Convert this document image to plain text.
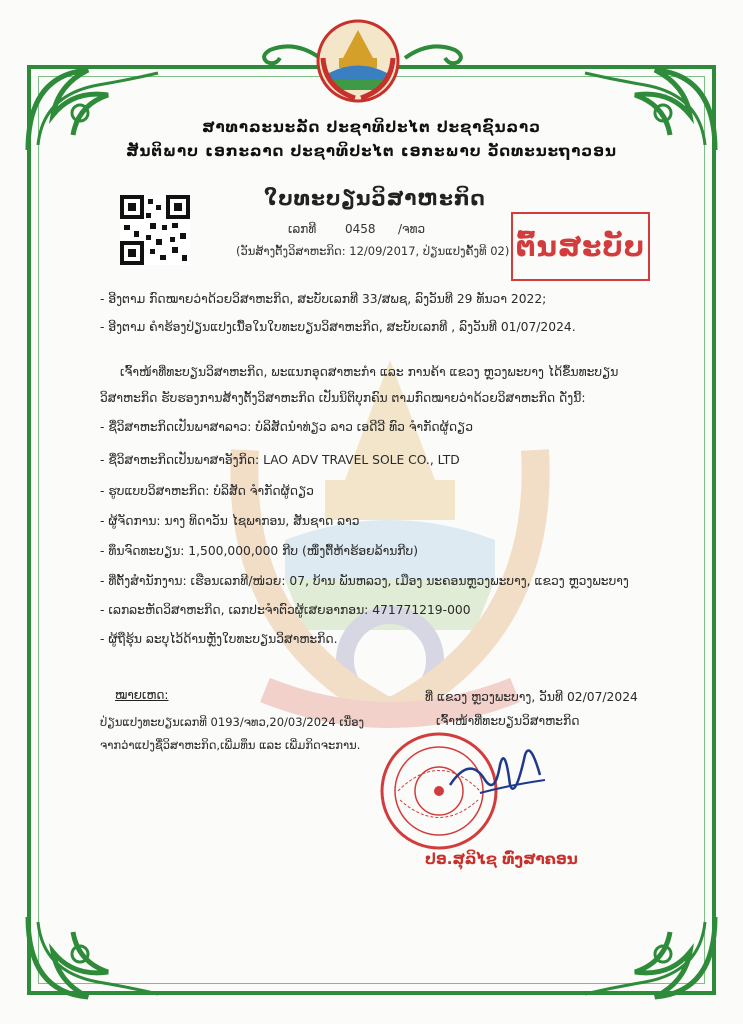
ສາທາລະນະລັດ ປະຊາທິປະໄຕ ປະຊາຊົນລາວ
ສັນຕິພາບ ເອກະລາດ ປະຊາທິປະໄຕ ເອກະພາບ ວັດທະນະຖາວອນ
ໃບທະບຽນວິສາຫະກິດ
ເລກທີ 0458 /ຈທວ
(ວັນສ້າງຕັ້ງວິສາຫະກິດ: 12/09/2017, ປ່ຽນແປງຄັ້ງທີ 02) ຕົ້ນສະບັບ
- ອີງຕາມ ກົດໝາຍວ່າດ້ວຍວິສາຫະກິດ, ສະບັບເລກທີ 33/ສພຊ, ລົງວັນທີ 29 ທັນວາ 2022;
- ອີງຕາມ ຄໍາຮ້ອງປ່ຽນແປງເນື້ອໃນໃບທະບຽນວິສາຫະກິດ, ສະບັບເລກທີ , ລົງວັນທີ 01/07/2024.
ເຈົ້າໜ້າທີ່ທະບຽນວິສາຫະກິດ, ພະແນກອຸດສາຫະກໍາ ແລະ ການຄ້າ ແຂວງ ຫຼວງພະບາງ ໄດ້ຂຶ້ນທະບຽນ
ວິສາຫະກິດ ຮັບຮອງການສ້າງຕັ້ງວິສາຫະກິດ ເປັນນິຕິບຸກຄົນ ຕາມກົດໝາຍວ່າດ້ວຍວິສາຫະກິດ ດັ່ງນີ້:
- ຊື່ວິສາຫະກິດເປັນພາສາລາວ: ບໍລິສັດນໍາທ່ຽວ ລາວ ເອດີວີ ທົວ ຈໍາກັດຜູ້ດຽວ
- ຊື່ວິສາຫະກິດເປັນພາສາອັງກິດ: LAO ADV TRAVEL SOLE CO., LTD
- ຮູບແບບວິສາຫະກິດ: ບໍລິສັດ ຈໍາກັດຜູ້ດຽວ
- ຜູ້ຈັດການ: ນາງ ທິດາວັນ ໄຊພາກອນ, ສັນຊາດ ລາວ
- ທຶນຈົດທະບຽນ: 1,500,000,000 ກີບ (ໜຶ່ງຕື້ຫ້າຮ້ອຍລ້ານກີບ)
- ທີ່ຕັ້ງສໍານັກງານ: ເຮືອນເລກທີ/ໜ່ວຍ: 07, ບ້ານ ພັນຫລວງ, ເມືອງ ນະຄອນຫຼວງພະບາງ, ແຂວງ ຫຼວງພະບາງ
- ເລກລະຫັດວິສາຫະກິດ, ເລກປະຈໍາຕົວຜູ້ເສຍອາກອນ: 471771219-000
- ຜູ້ຖືຮຸ້ນ ລະບຸໄວ້ດ້ານຫຼັງໃບທະບຽນວິສາຫະກິດ.
ໝາຍເຫດ:
ປ່ຽນແປງທະບຽນເລກທີ 0193/ຈທວ,20/03/2024 ເນື່ອງ
ຈາກວ່າແປງຊື່ວິສາຫະກິດ,ເພີ່ມທຶນ ແລະ ເພີ່ມກິດຈະການ.
ທີ່ ແຂວງ ຫຼວງພະບາງ, ວັນທີ 02/07/2024
ເຈົ້າໜ້າທີ່ທະບຽນວິສາຫະກິດ
ປອ.ສຸລິໄຊ ທົ່ງສາຄອນ
